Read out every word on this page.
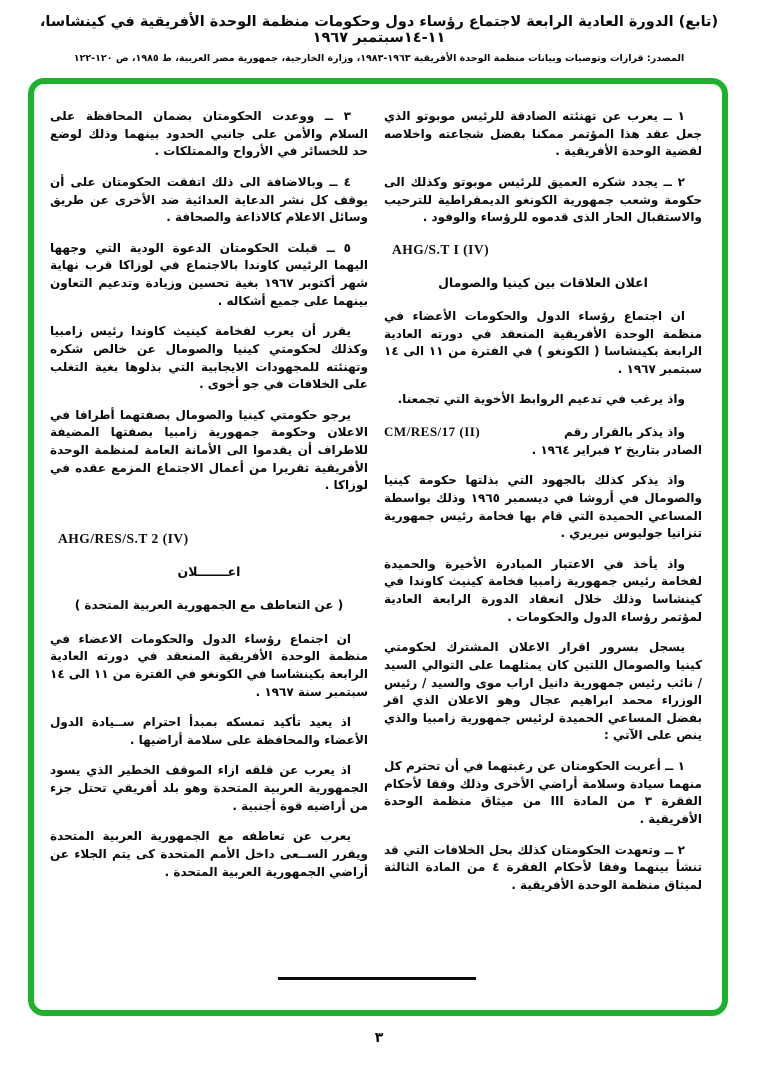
(تابع) الدورة العادية الرابعة لاجتماع رؤساء دول وحكومات منظمة الوحدة الأفريقية في كينشاسا، ١١-١٤سبتمبر ١٩٦٧
المصدر: قرارات وتوصيات وبيانات منظمة الوحدة الأفريقية ١٩٦٣-١٩٨٣، وزارة الخارجية، جمهورية مصر العربية، ط ١٩٨٥، ص ١٢٠-١٢٢

١ ــ يعرب عن تهنئته الصادقة للرئيس موبوتو الذي جعل عقد هذا المؤتمر ممكنا بفضل شجاعته واخلاصه لقضية الوحدة الأفريقية .

٢ ــ يجدد شكره العميق للرئيس موبوتو وكذلك الى حكومة وشعب جمهورية الكونغو الديمقراطية للترحيب والاستقبال الحار الذى قدموه للرؤساء والوفود .

AHG/S.T I (IV)
اعلان العلاقات بين كينيا والصومال

ان اجتماع رؤساء الدول والحكومات الأعضاء في منظمة الوحدة الأفريقية المنعقد في دورته العادية الرابعة بكينشاسا ( الكونغو ) في الفترة من ١١ الى ١٤ سبتمبر ١٩٦٧ .

واذ يرغب في تدعيم الروابط الأخوية التي تجمعنا.

واذ يذكر بالقرار رقم
CM/RES/17 (II)
الصادر بتاريخ ٢ فبراير ١٩٦٤ .

واذ يذكر كذلك بالجهود التي بذلتها حكومة كينيا والصومال في أروشا في ديسمبر ١٩٦٥ وذلك بواسطة المساعي الحميدة التي قام بها فخامة رئيس جمهورية تنزانيا جوليوس نيريري .

واذ يأخذ في الاعتبار المبادرة الأخيرة والحميدة لفخامة رئيس جمهورية زامبيا فخامة كينيث كاوندا في كينشاسا وذلك خلال انعقاد الدورة الرابعة العادية لمؤتمر رؤساء الدول والحكومات .

يسجل بسرور اقرار الاعلان المشترك لحكومتي كينيا والصومال اللتين كان يمثلهما على التوالي السيد / نائب رئيس جمهورية دانيل اراب موى والسيد / رئيس الوزراء محمد ابراهيم عجال وهو الاعلان الذي اقر بفضل المساعي الحميدة لرئيس جمهورية زامبيا والذي ينص على الآتي :

١ ــ أعربت الحكومتان عن رغبتهما في أن تحترم كل منهما سيادة وسلامة أراضي الأخرى وذلك وفقا لأحكام الفقرة ٣ من المادة III من ميثاق منظمة الوحدة الأفريقية .

٢ ــ وتعهدت الحكومتان كذلك بحل الخلافات التي قد تنشأ بينهما وفقا لأحكام الفقرة ٤ من المادة الثالثة لميثاق منظمة الوحدة الأفريقية .

٣ ــ ووعدت الحكومتان بضمان المحافظة على السلام والأمن على جانبي الحدود بينهما وذلك لوضع حد للخسائر في الأرواح والممتلكات .

٤ ــ وبالاضافة الى ذلك اتفقت الحكومتان على أن يوقف كل نشر الدعاية العدائية ضد الأخرى عن طريق وسائل الاعلام كالاذاعة والصحافة .

٥ ــ قبلت الحكومتان الدعوة الودية التي وجهها اليهما الرئيس كاوندا بالاجتماع في لوزاكا قرب نهاية شهر أكتوبر ١٩٦٧ بغية تحسين وزيادة وتدعيم التعاون بينهما على جميع أشكاله .

يقرر أن يعرب لفخامة كينيث كاوندا رئيس زامبيا وكذلك لحكومتي كينيا والصومال عن خالص شكره وتهنئته للمجهودات الايجابية التي بذلوها بغية التغلب على الخلافات في جو أخوى .

يرجو حكومتي كينيا والصومال بصفتهما أطرافا في الاعلان وحكومة جمهورية زامبيا بصفتها المضيفة للاطراف أن يقدموا الى الأمانة العامة لمنظمة الوحدة الأفريقية تقريرا من أعمال الاجتماع المزمع عقده في لوزاكا .

AHG/RES/S.T 2 (IV)
اعـــــــلان
( عن التعاطف مع الجمهورية العربية المتحدة )

ان اجتماع رؤساء الدول والحكومات الاعضاء في منظمة الوحدة الأفريقية المنعقد في دورته العادية الرابعة بكينشاسا في الكونغو في الفترة من ١١ الى ١٤ سبتمبر سنة ١٩٦٧ .

اذ يعيد تأكيد تمسكه بمبدأ احترام ســيادة الدول الأعضاء والمحافظة على سلامة أراضيها .

اذ يعرب عن قلقه ازاء الموقف الخطير الذي يسود الجمهورية العربية المتحدة وهو بلد أفريقي تحتل جزء من أراضيه قوة أجنبية .

يعرب عن تعاطفه مع الجمهورية العربية المتحدة ويقرر الســعى داخل الأمم المتحدة كى يتم الجلاء عن أراضي الجمهورية العربية المتحدة .

٣
